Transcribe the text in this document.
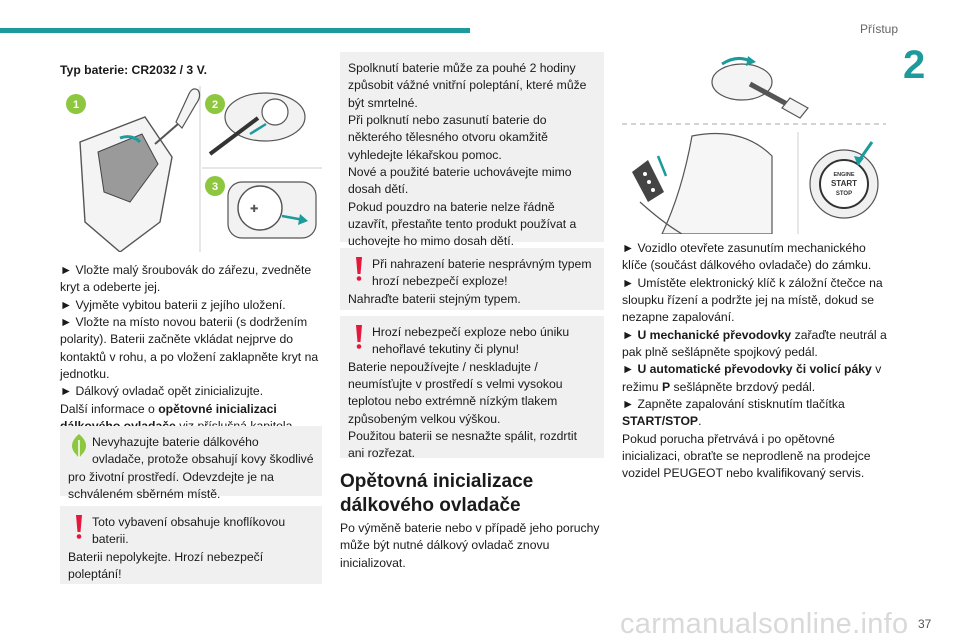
Přístup
2
37
carmanualsonline.info
Typ baterie: CR2032 / 3 V.
✚
1	2
3

► Vložte malý šroubovák do zářezu, zvedněte kryt a odeberte jej.

► Vyjměte vybitou baterii z jejího uložení.

► Vložte na místo novou baterii (s dodržením polarity). Baterii začněte vkládat nejprve do kontaktů v rohu, a po vložení zaklapněte kryt na jednotku.

► Dálkový ovladač opět zinicializujte.

Další informace o opětovné inicializaci

Nevyhazujte baterie dálkového
ovladače, protože obsahují kovy škodlivé pro životní prostředí. Odevzdejte je na schváleném sběrném místě.
Toto vybavení obsahuje knoflíkovou
baterii.
Baterii nepolykejte. Hrozí nebezpečí poleptání!
Spolknutí baterie může za pouhé 2 hodiny způsobit vážné vnitřní poleptání, které může být smrtelné.
Při polknutí nebo zasunutí baterie do některého tělesného otvoru okamžitě vyhledejte lékařskou pomoc.
Nové a použité baterie uchovávejte mimo dosah dětí.
Pokud pouzdro na baterie nelze řádně uzavřít, přestaňte tento produkt používat a uchovejte ho mimo dosah dětí.
Při nahrazení baterie nesprávným typem
hrozí nebezpečí exploze!
Nahraďte baterii stejným typem.
Hrozí nebezpečí exploze nebo úniku
nehořlavé tekutiny či plynu!
Baterie nepoužívejte / neskladujte / neumísťujte v prostředí s velmi vysokou teplotou nebo extrémně nízkým tlakem způsobeným velkou výškou.
Použitou baterii se nesnažte spálit, rozdrtit ani rozřezat.
Opětovná inicializace dálkového ovladače
Po výměně baterie nebo v případě jeho poruchy může být nutné dálkový ovladač znovu inicializovat.
ENGINE
START
STOP

► Vozidlo otevřete zasunutím mechanického klíče (součást dálkového ovladače) do zámku.

► Umístěte elektronický klíč k záložní čtečce na sloupku řízení a podržte jej na místě, dokud se nezapne zapalování.

► U mechanické převodovky zařaďte neutrál a pak plně sešlápněte spojkový pedál.

► U automatické převodovky či volicí páky v režimu P sešlápněte brzdový pedál.

► Zapněte zapalování stisknutím tlačítka START/STOP.

Pokud porucha přetrvává i po opětovné inicializaci, obraťte se neprodleně na prodejce vozidel PEUGEOT nebo kvalifikovaný servis.
